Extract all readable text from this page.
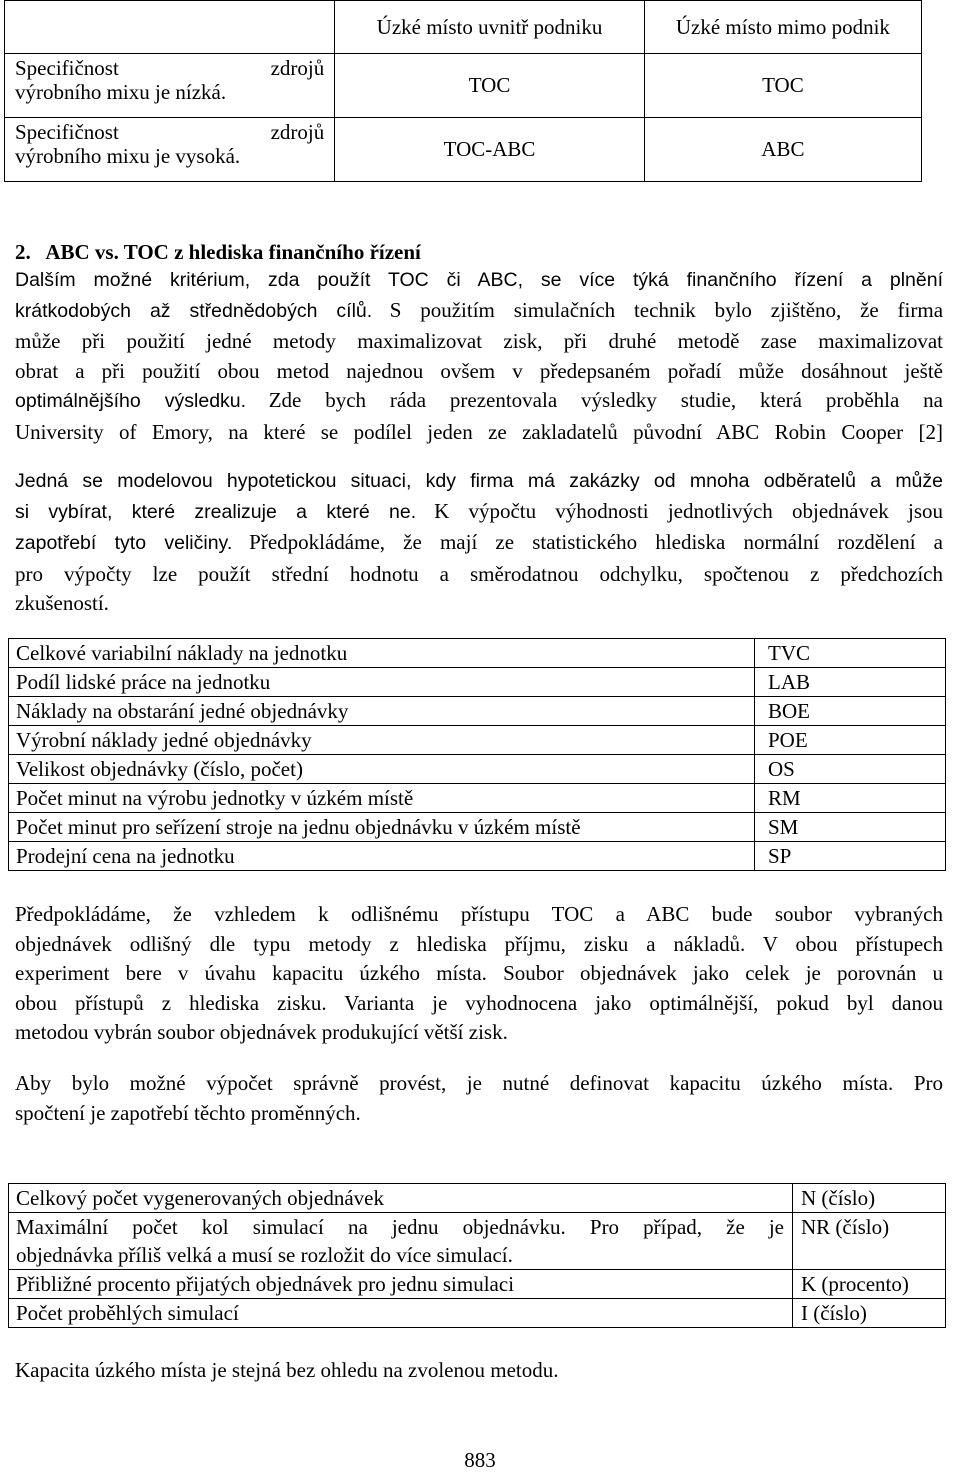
	Úzké místo uvnitř podniku	Úzké místo mimo podnik

Specifičnost zdrojů
výrobního mixu je nízká.	TOC	TOC

Specifičnost zdrojů
výrobního mixu je vysoká.	TOC-ABC	ABC
2.   ABC vs. TOC z hlediska finančního řízení
Dalším možné kritérium, zda použít TOC či ABC, se více týká finančního řízení a plnění
krátkodobých až střednědobých cílů. S použitím simulačních technik bylo zjištěno, že firma
může při použití jedné metody maximalizovat zisk, při druhé metodě zase maximalizovat
obrat a při použití obou metod najednou ovšem v předepsaném pořadí může dosáhnout ještě
optimálnějšího výsledku. Zde bych ráda prezentovala výsledky studie, která proběhla na
University of Emory, na které se podílel jeden ze zakladatelů původní ABC Robin Cooper [2]
Jedná se modelovou hypotetickou situaci, kdy firma má zakázky od mnoha odběratelů a může
si vybírat, které zrealizuje a které ne. K výpočtu výhodnosti jednotlivých objednávek jsou
zapotřebí tyto veličiny. Předpokládáme, že mají ze statistického hlediska normální rozdělení a
pro výpočty lze použít střední hodnotu a směrodatnou odchylku, spočtenou z předchozích
zkušeností.
Celkové variabilní náklady na jednotku	TVC
Podíl lidské práce na jednotku	LAB
Náklady na obstarání jedné objednávky	BOE
Výrobní náklady jedné objednávky	POE
Velikost objednávky (číslo, počet)	OS
Počet minut na výrobu jednotky v úzkém místě	RM
Počet minut pro seřízení stroje na jednu objednávku v úzkém místě	SM
Prodejní cena na jednotku	SP
Předpokládáme, že vzhledem k odlišnému přístupu TOC a ABC bude soubor vybraných
objednávek odlišný dle typu metody z hlediska příjmu, zisku a nákladů. V obou přístupech
experiment bere v úvahu kapacitu úzkého místa. Soubor objednávek jako celek je porovnán u
obou přístupů z hlediska zisku. Varianta je vyhodnocena jako optimálnější, pokud byl danou
metodou vybrán soubor objednávek produkující větší zisk.
Aby bylo možné výpočet správně provést, je nutné definovat kapacitu úzkého místa. Pro
spočtení je zapotřebí těchto proměnných.
Celkový počet vygenerovaných objednávek	N (číslo)

Maximální počet kol simulací na jednu objednávku. Pro případ, že je
objednávka příliš velká a musí se rozložit do více simulací.	NR (číslo)

Přibližné procento přijatých objednávek pro jednu simulaci	K (procento)

Počet proběhlých simulací	I (číslo)
Kapacita úzkého místa je stejná bez ohledu na zvolenou metodu.
883
